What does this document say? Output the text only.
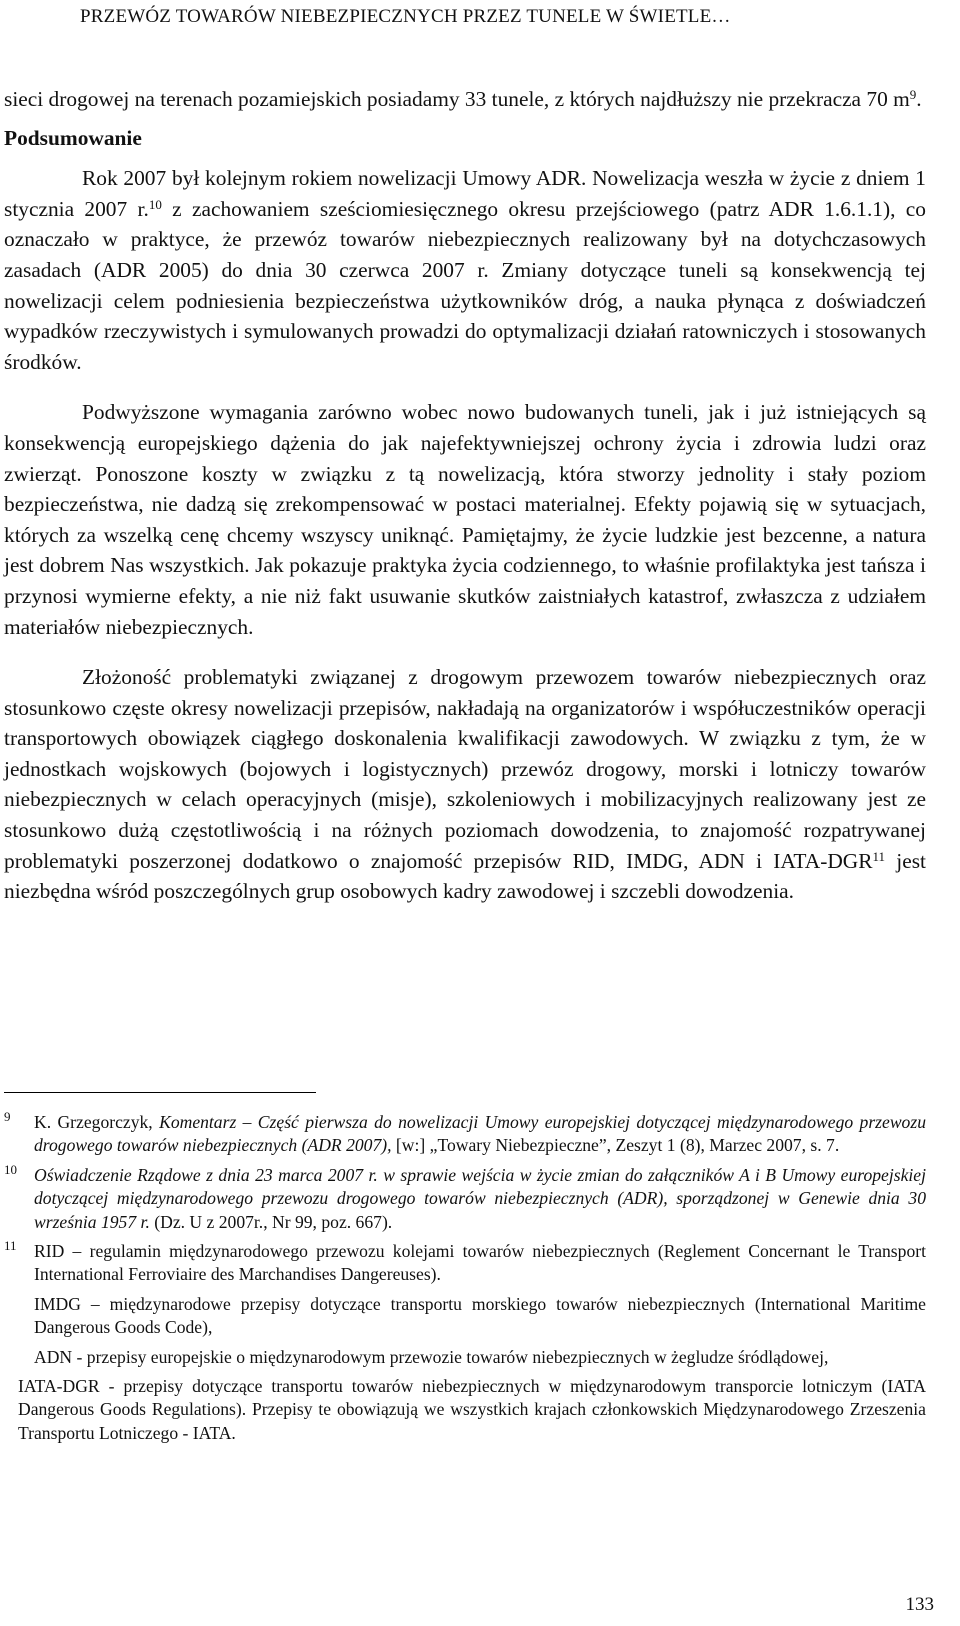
PRZEWÓZ TOWARÓW NIEBEZPIECZNYCH PRZEZ TUNELE W ŚWIETLE…

sieci drogowej na terenach pozamiejskich posiadamy 33 tunele, z których najdłuższy nie przekracza 70 $m^9$.

Podsumowanie

Rok 2007 był kolejnym rokiem nowelizacji Umowy ADR. Nowelizacja weszła w życie z dniem 1 stycznia 2007 r.$^{10}$ z zachowaniem sześciomiesięcznego okresu przejściowego (patrz ADR 1.6.1.1), co oznaczało w praktyce, że przewóz towarów niebezpiecznych realizowany był na dotychczasowych zasadach (ADR 2005) do dnia 30 czerwca 2007 r. Zmiany dotyczące tuneli są konsekwencją tej nowelizacji celem podniesienia bezpieczeństwa użytkowników dróg, a nauka płynąca z doświadczeń wypadków rzeczywistych i symulowanych prowadzi do optymalizacji działań ratowniczych i stosowanych środków.

Podwyższone wymagania zarówno wobec nowo budowanych tuneli, jak i już istniejących są konsekwencją europejskiego dążenia do jak najefektywniejszej ochrony życia i zdrowia ludzi oraz zwierząt. Ponoszone koszty w związku z tą nowelizacją, która stworzy jednolity i stały poziom bezpieczeństwa, nie dadzą się zrekompensować w postaci materialnej. Efekty pojawią się w sytuacjach, których za wszelką cenę chcemy wszyscy uniknąć. Pamiętajmy, że życie ludzkie jest bezcenne, a natura jest dobrem Nas wszystkich. Jak pokazuje praktyka życia codziennego, to właśnie profilaktyka jest tańsza i przynosi wymierne efekty, a nie niż fakt usuwanie skutków zaistniałych katastrof, zwłaszcza z udziałem materiałów niebezpiecznych.

Złożoność problematyki związanej z drogowym przewozem towarów niebezpiecznych oraz stosunkowo częste okresy nowelizacji przepisów, nakładają na organizatorów i współuczestników operacji transportowych obowiązek ciągłego doskonalenia kwalifikacji zawodowych. W związku z tym, że w jednostkach wojskowych (bojowych i logistycznych) przewóz drogowy, morski i lotniczy towarów niebezpiecznych w celach operacyjnych (misje), szkoleniowych i mobilizacyjnych realizowany jest ze stosunkowo dużą częstotliwością i na różnych poziomach dowodzenia, to znajomość rozpatrywanej problematyki poszerzonej dodatkowo o znajomość przepisów RID, IMDG, ADN i IATA-DGR$^{11}$ jest niezbędna wśród poszczególnych grup osobowych kadry zawodowej i szczebli dowodzenia.

9 K. Grzegorczyk, Komentarz – Część pierwsza do nowelizacji Umowy europejskiej dotyczącej międzynarodowego przewozu drogowego towarów niebezpiecznych (ADR 2007), [w:] „Towary Niebezpieczne”, Zeszyt 1 (8), Marzec 2007, s. 7.
10 Oświadczenie Rządowe z dnia 23 marca 2007 r. w sprawie wejścia w życie zmian do załączników A i B Umowy europejskiej dotyczącej międzynarodowego przewozu drogowego towarów niebezpiecznych (ADR), sporządzonej w Genewie dnia 30 września 1957 r. (Dz. U z 2007r., Nr 99, poz. 667).
11 RID – regulamin międzynarodowego przewozu kolejami towarów niebezpiecznych (Reglement Concernant le Transport International Ferroviaire des Marchandises Dangereuses).
IMDG – międzynarodowe przepisy dotyczące transportu morskiego towarów niebezpiecznych (International Maritime Dangerous Goods Code),
ADN - przepisy europejskie o międzynarodowym przewozie towarów niebezpiecznych w żegludze śródlądowej,
IATA-DGR - przepisy dotyczące transportu towarów niebezpiecznych w międzynarodowym transporcie lotniczym (IATA Dangerous Goods Regulations). Przepisy te obowiązują we wszystkich krajach członkowskich Międzynarodowego Zrzeszenia Transportu Lotniczego - IATA.
133
